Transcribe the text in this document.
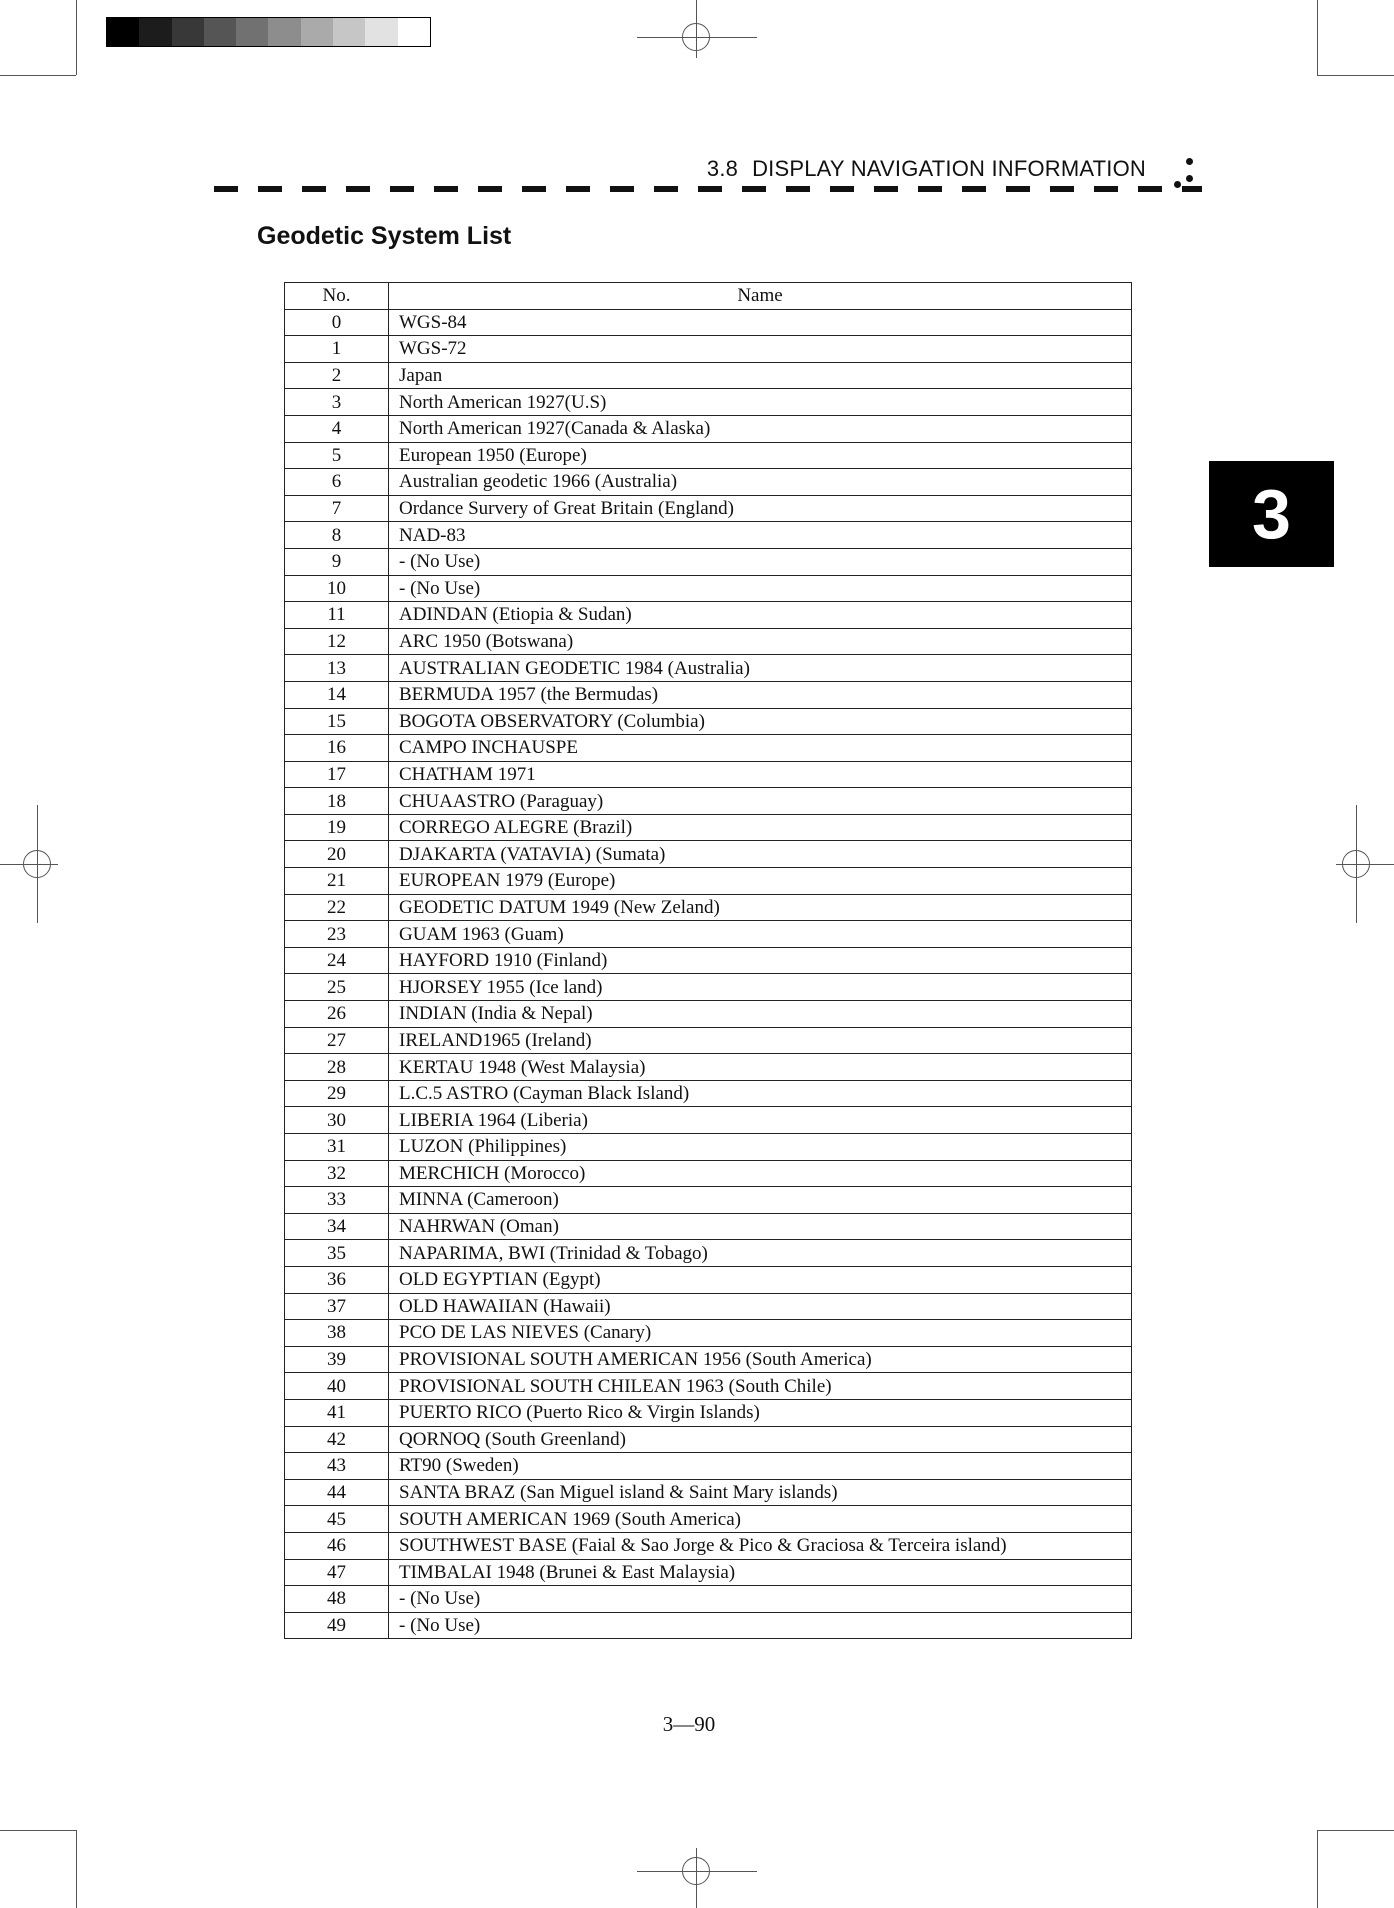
3.8 DISPLAY NAVIGATION INFORMATION
3
Geodetic System List
No.	Name
0	WGS-84
1	WGS-72
2	Japan
3	North American 1927(U.S)
4	North American 1927(Canada & Alaska)
5	European 1950 (Europe)
6	Australian geodetic 1966 (Australia)
7	Ordance Survery of Great Britain (England)
8	NAD-83
9	- (No Use)
10	- (No Use)
11	ADINDAN (Etiopia & Sudan)
12	ARC 1950 (Botswana)
13	AUSTRALIAN GEODETIC 1984 (Australia)
14	BERMUDA 1957 (the Bermudas)
15	BOGOTA OBSERVATORY (Columbia)
16	CAMPO INCHAUSPE
17	CHATHAM 1971
18	CHUAASTRO (Paraguay)
19	CORREGO ALEGRE (Brazil)
20	DJAKARTA (VATAVIA) (Sumata)
21	EUROPEAN 1979 (Europe)
22	GEODETIC DATUM 1949 (New Zeland)
23	GUAM 1963 (Guam)
24	HAYFORD 1910 (Finland)
25	HJORSEY 1955 (Ice land)
26	INDIAN (India & Nepal)
27	IRELAND1965 (Ireland)
28	KERTAU 1948 (West Malaysia)
29	L.C.5 ASTRO (Cayman Black Island)
30	LIBERIA 1964 (Liberia)
31	LUZON (Philippines)
32	MERCHICH (Morocco)
33	MINNA (Cameroon)
34	NAHRWAN (Oman)
35	NAPARIMA, BWI (Trinidad & Tobago)
36	OLD EGYPTIAN (Egypt)
37	OLD HAWAIIAN (Hawaii)
38	PCO DE LAS NIEVES (Canary)
39	PROVISIONAL SOUTH AMERICAN 1956 (South America)
40	PROVISIONAL SOUTH CHILEAN 1963 (South Chile)
41	PUERTO RICO (Puerto Rico & Virgin Islands)
42	QORNOQ (South Greenland)
43	RT90 (Sweden)
44	SANTA BRAZ (San Miguel island & Saint Mary islands)
45	SOUTH AMERICAN 1969 (South America)
46	SOUTHWEST BASE (Faial & Sao Jorge & Pico & Graciosa & Terceira island)
47	TIMBALAI 1948 (Brunei & East Malaysia)
48	- (No Use)
49	- (No Use)
3―90
